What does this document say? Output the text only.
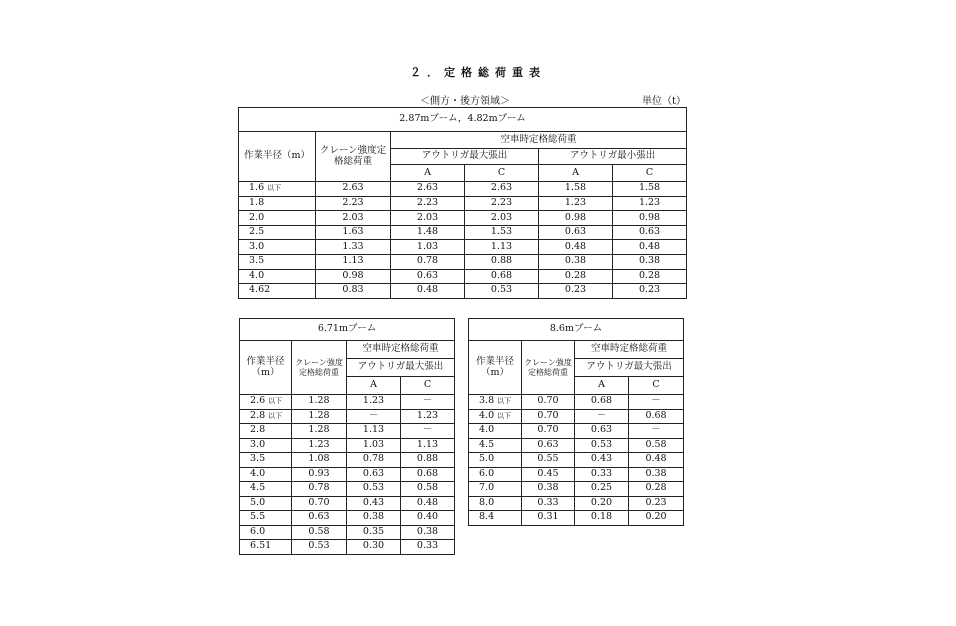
２．定格総荷重表
＜側方・後方領域＞	単位（t）
2.87mブーム，4.82mブーム					
作業半径（m）	クレーン強度定格総荷重	空車時定格総荷重			
		アウトリガ最大張出		アウトリガ最小張出	
		A	C	A	C
1.6 以下	2.63	2.63	2.63	1.58	1.58
1.8	2.23	2.23	2.23	1.23	1.23
2.0	2.03	2.03	2.03	0.98	0.98
2.5	1.63	1.48	1.53	0.63	0.63
3.0	1.33	1.03	1.13	0.48	0.48
3.5	1.13	0.78	0.88	0.38	0.38
4.0	0.98	0.63	0.68	0.28	0.28
4.62	0.83	0.48	0.53	0.23	0.23
6.71mブーム			
作業半径（m）	クレーン強度定格総荷重	空車時定格総荷重	
		アウトリガ最大張出	
		A	C
2.6 以下	1.28	1.23	－
2.8 以下	1.28	－	1.23
2.8	1.28	1.13	－
3.0	1.23	1.03	1.13
3.5	1.08	0.78	0.88
4.0	0.93	0.63	0.68
4.5	0.78	0.53	0.58
5.0	0.70	0.43	0.48
5.5	0.63	0.38	0.40
6.0	0.58	0.35	0.38
6.51	0.53	0.30	0.33
8.6mブーム			
作業半径（m）	クレーン強度定格総荷重	空車時定格総荷重	
		アウトリガ最大張出	
		A	C
3.8 以下	0.70	0.68	－
4.0 以下	0.70	－	0.68
4.0	0.70	0.63	－
4.5	0.63	0.53	0.58
5.0	0.55	0.43	0.48
6.0	0.45	0.33	0.38
7.0	0.38	0.25	0.28
8.0	0.33	0.20	0.23
8.4	0.31	0.18	0.20
